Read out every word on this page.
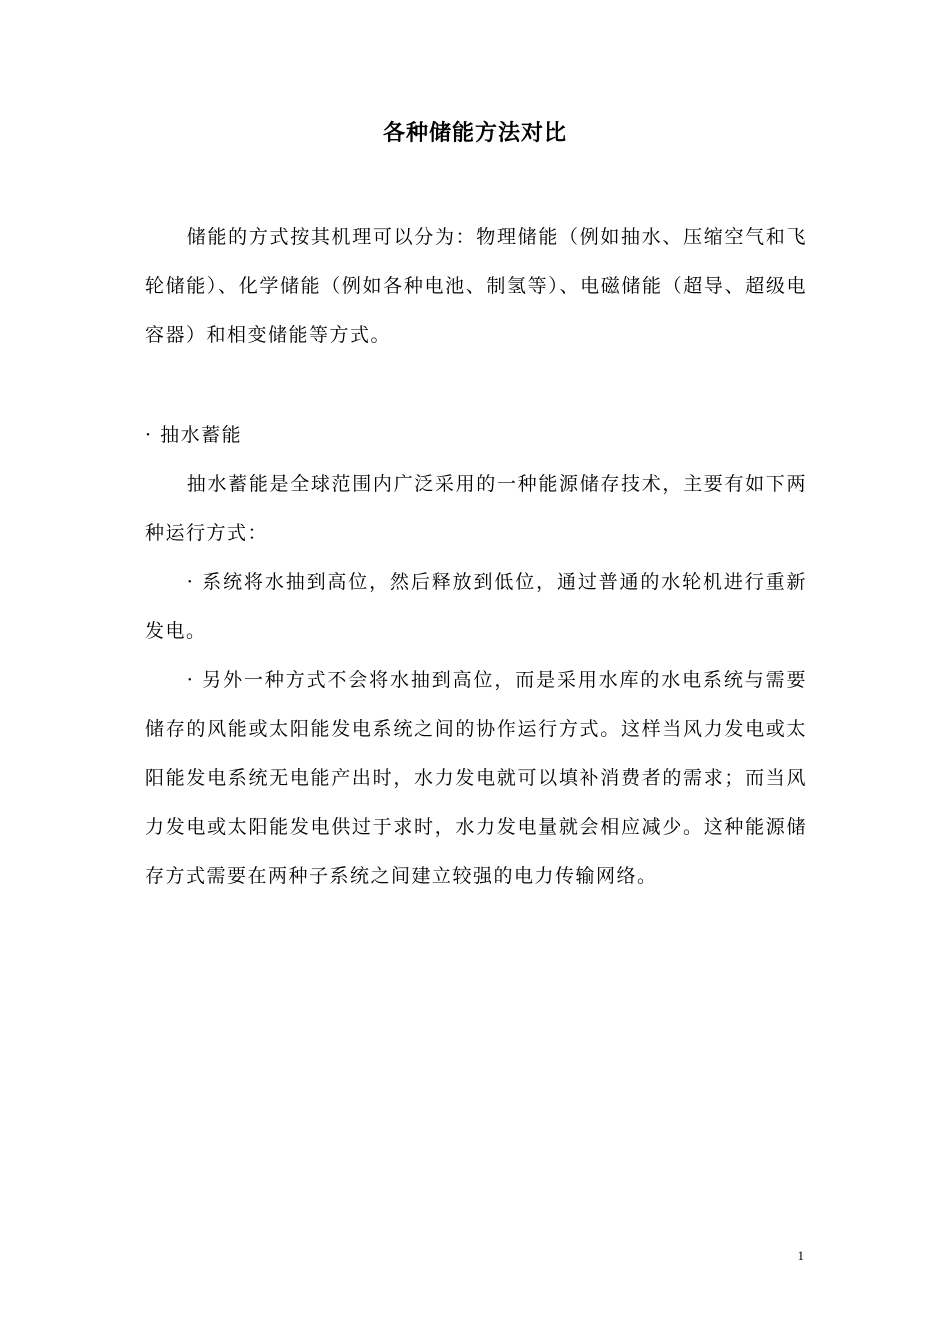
各种储能方法对比

储能的方式按其机理可以分为：物理储能（例如抽水、压缩空气和飞轮储能）、化学储能（例如各种电池、制氢等）、电磁储能（超导、超级电容器）和相变储能等方式。

· 抽水蓄能

抽水蓄能是全球范围内广泛采用的一种能源储存技术，主要有如下两种运行方式：

· 系统将水抽到高位，然后释放到低位，通过普通的水轮机进行重新发电。

· 另外一种方式不会将水抽到高位，而是采用水库的水电系统与需要储存的风能或太阳能发电系统之间的协作运行方式。这样当风力发电或太阳能发电系统无电能产出时，水力发电就可以填补消费者的需求；而当风力发电或太阳能发电供过于求时，水力发电量就会相应减少。这种能源储存方式需要在两种子系统之间建立较强的电力传输网络。

1
